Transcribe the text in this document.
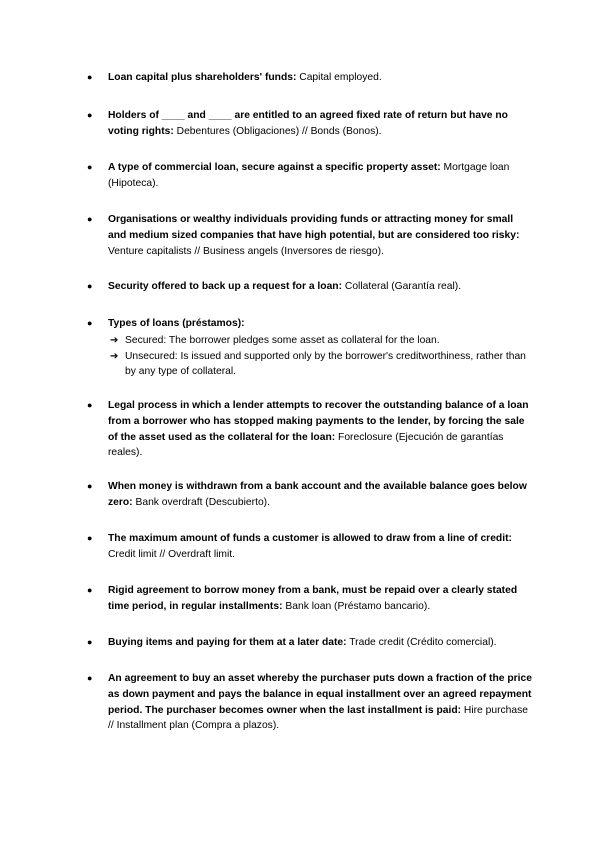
● Loan capital plus shareholders' funds: Capital employed.
● Holders of ____ and ____ are entitled to an agreed fixed rate of return but have no voting rights: Debentures (Obligaciones) // Bonds (Bonos).
● A type of commercial loan, secure against a specific property asset: Mortgage loan (Hipoteca).
● Organisations or wealthy individuals providing funds or attracting money for small and medium sized companies that have high potential, but are considered too risky: Venture capitalists // Business angels (Inversores de riesgo).
● Security offered to back up a request for a loan: Collateral (Garantía real).
● Types of loans (préstamos):
➔ Secured: The borrower pledges some asset as collateral for the loan.
➔ Unsecured: Is issued and supported only by the borrower's creditworthiness, rather than by any type of collateral.
● Legal process in which a lender attempts to recover the outstanding balance of a loan from a borrower who has stopped making payments to the lender, by forcing the sale of the asset used as the collateral for the loan: Foreclosure (Ejecución de garantías reales).
● When money is withdrawn from a bank account and the available balance goes below zero: Bank overdraft (Descubierto).
● The maximum amount of funds a customer is allowed to draw from a line of credit: Credit limit // Overdraft limit.
● Rigid agreement to borrow money from a bank, must be repaid over a clearly stated time period, in regular installments: Bank loan (Préstamo bancario).
● Buying items and paying for them at a later date: Trade credit (Crédito comercial).
● An agreement to buy an asset whereby the purchaser puts down a fraction of the price as down payment and pays the balance in equal installment over an agreed repayment period. The purchaser becomes owner when the last installment is paid: Hire purchase // Installment plan (Compra a plazos).
